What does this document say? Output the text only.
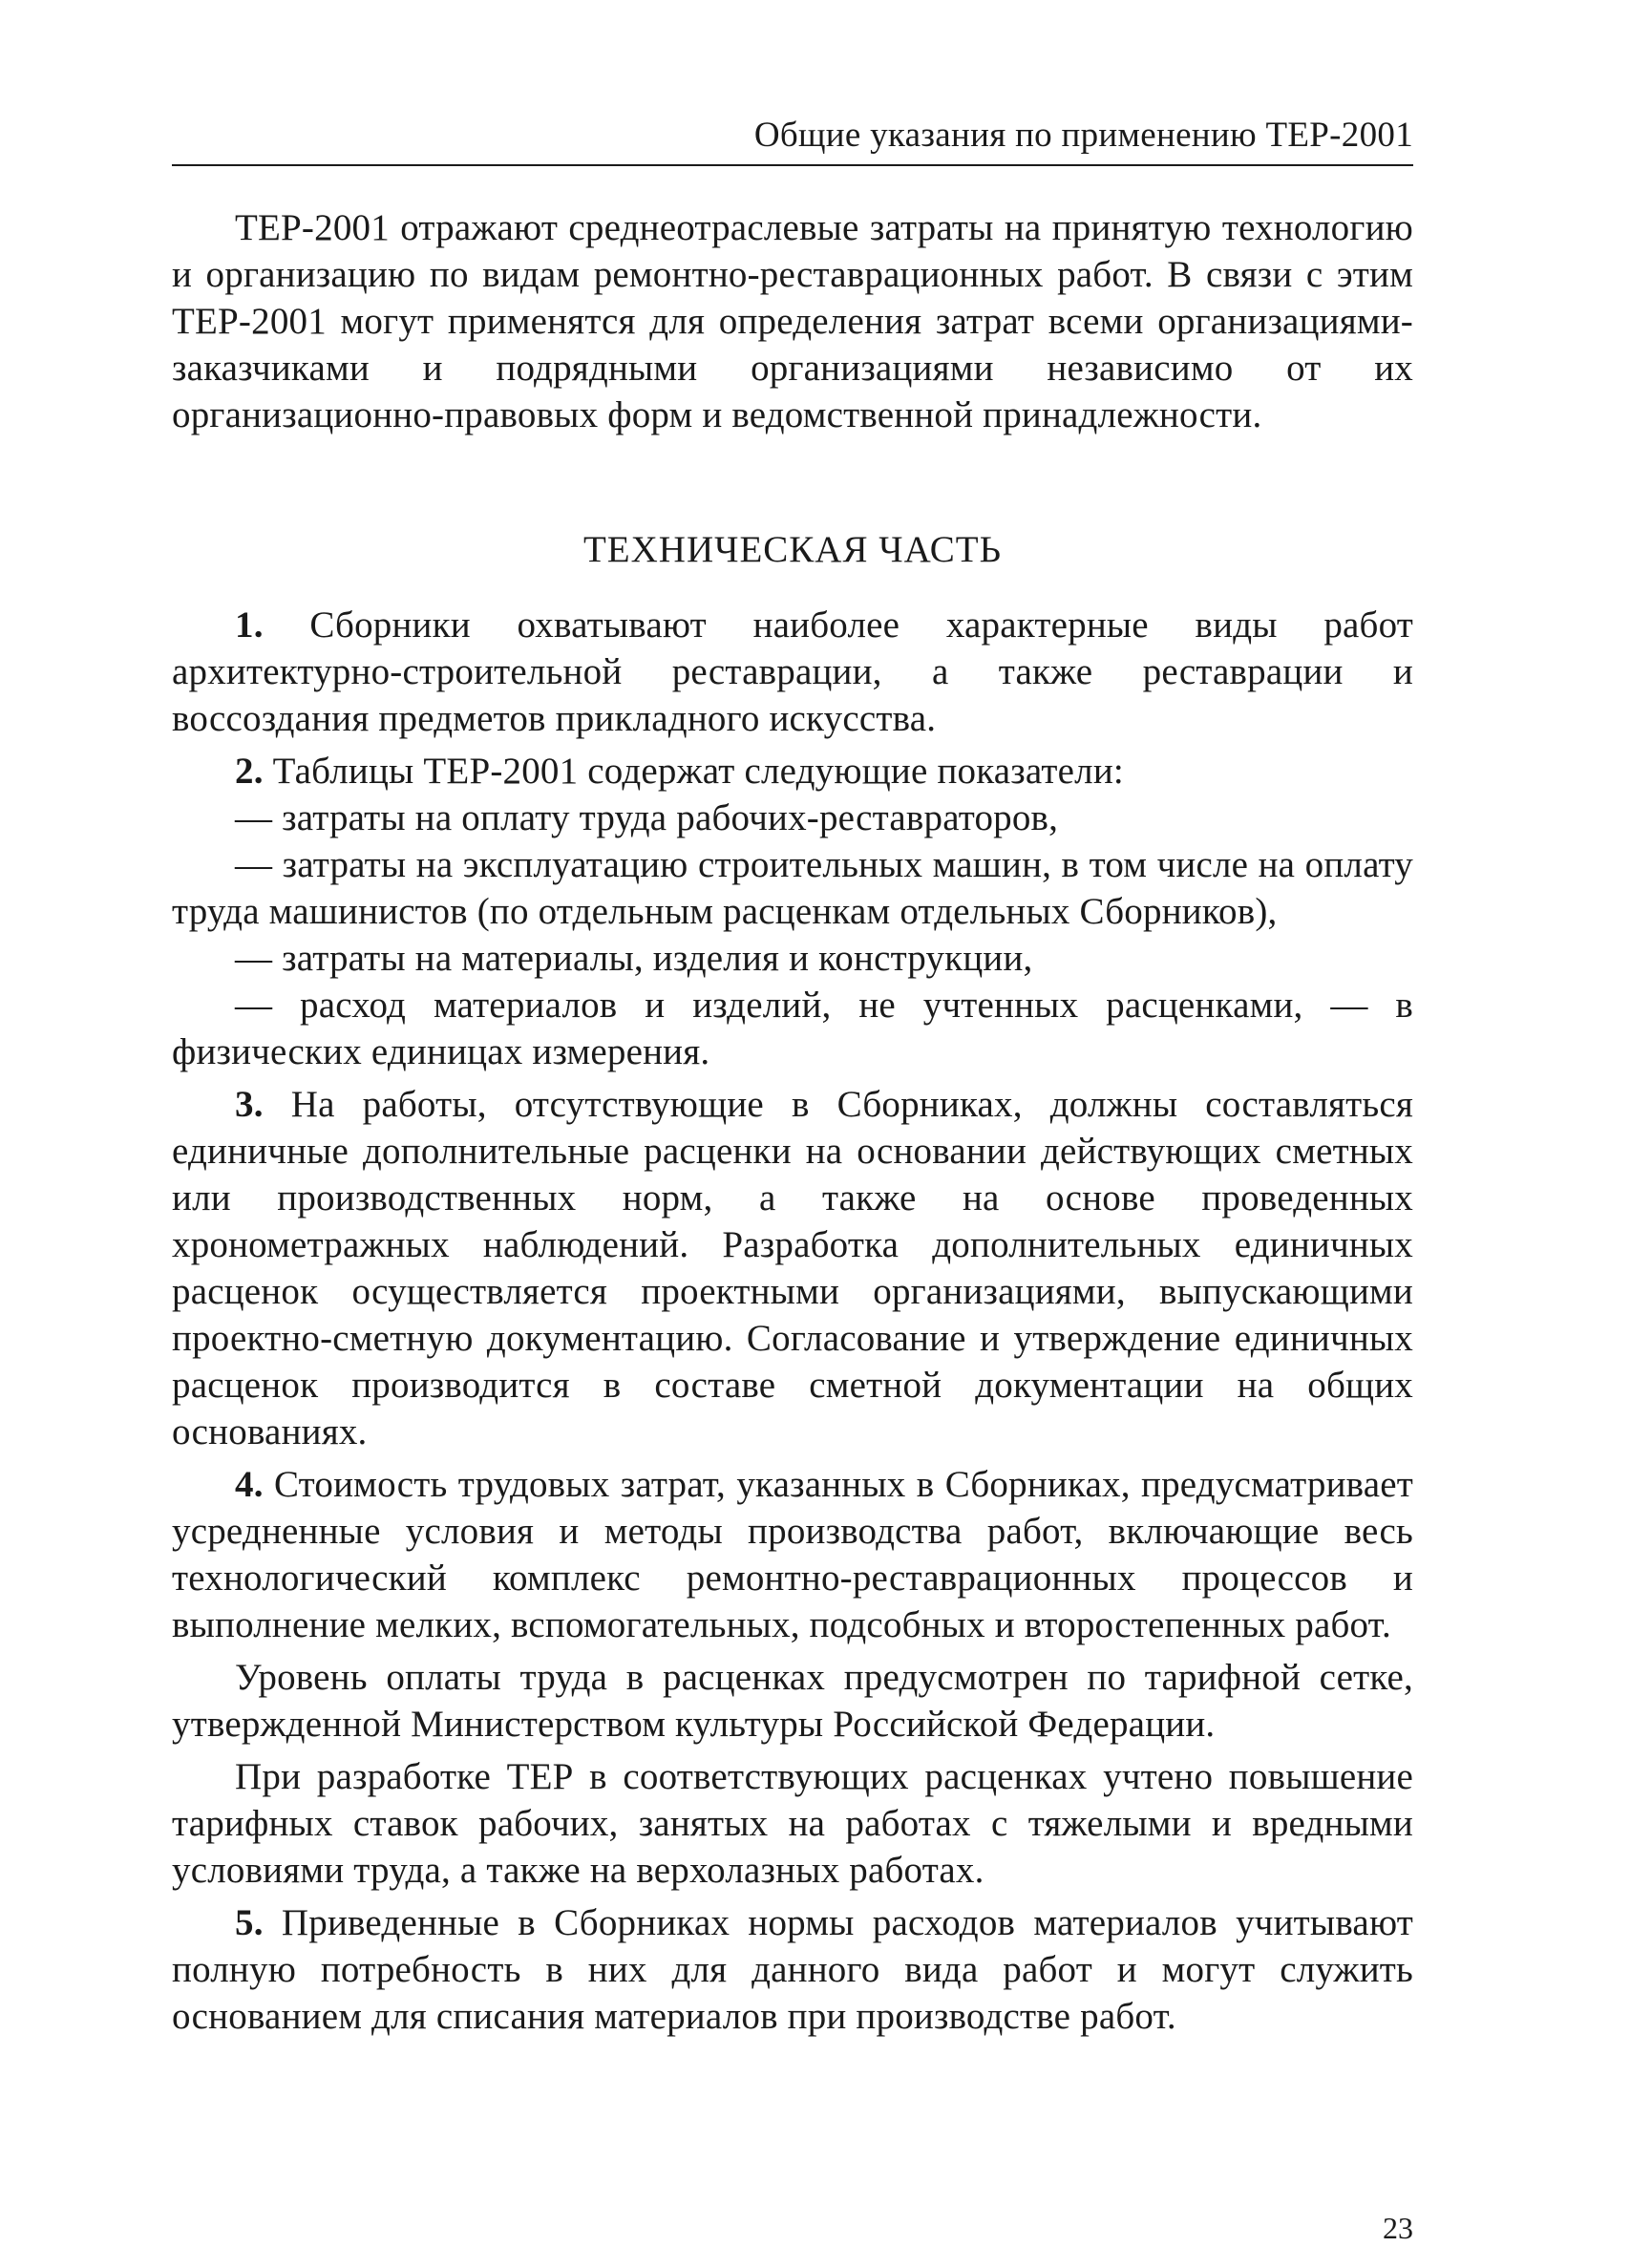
Общие указания по применению ТЕР-2001

ТЕР-2001 отражают среднеотраслевые затраты на принятую технологию и организацию по видам ремонтно-реставрационных работ. В связи с этим ТЕР-2001 могут применятся для определения затрат всеми организациями-заказчиками и подрядными организациями независимо от их организационно-правовых форм и ведомственной принадлежности.

ТЕХНИЧЕСКАЯ ЧАСТЬ

1. Сборники охватывают наиболее характерные виды работ архитектурно-строительной реставрации, а также реставрации и воссоздания предметов прикладного искусства.

2. Таблицы ТЕР-2001 содержат следующие показатели:

— затраты на оплату труда рабочих-реставраторов,

— затраты на эксплуатацию строительных машин, в том числе на оплату труда машинистов (по отдельным расценкам отдельных Сборников),

— затраты на материалы, изделия и конструкции,

— расход материалов и изделий, не учтенных расценками, — в физических единицах измерения.

3. На работы, отсутствующие в Сборниках, должны составляться единичные дополнительные расценки на основании действующих сметных или производственных норм, а также на основе проведенных хронометражных наблюдений. Разработка дополнительных единичных расценок осуществляется проектными организациями, выпускающими проектно-сметную документацию. Согласование и утверждение единичных расценок производится в составе сметной документации на общих основаниях.

4. Стоимость трудовых затрат, указанных в Сборниках, предусматривает усредненные условия и методы производства работ, включающие весь технологический комплекс ремонтно-реставрационных процессов и выполнение мелких, вспомогательных, подсобных и второстепенных работ.

Уровень оплаты труда в расценках предусмотрен по тарифной сетке, утвержденной Министерством культуры Российской Федерации.

При разработке ТЕР в соответствующих расценках учтено повышение тарифных ставок рабочих, занятых на работах с тяжелыми и вредными условиями труда, а также на верхолазных работах.

5. Приведенные в Сборниках нормы расходов материалов учитывают полную потребность в них для данного вида работ и могут служить основанием для списания материалов при производстве работ.

23
